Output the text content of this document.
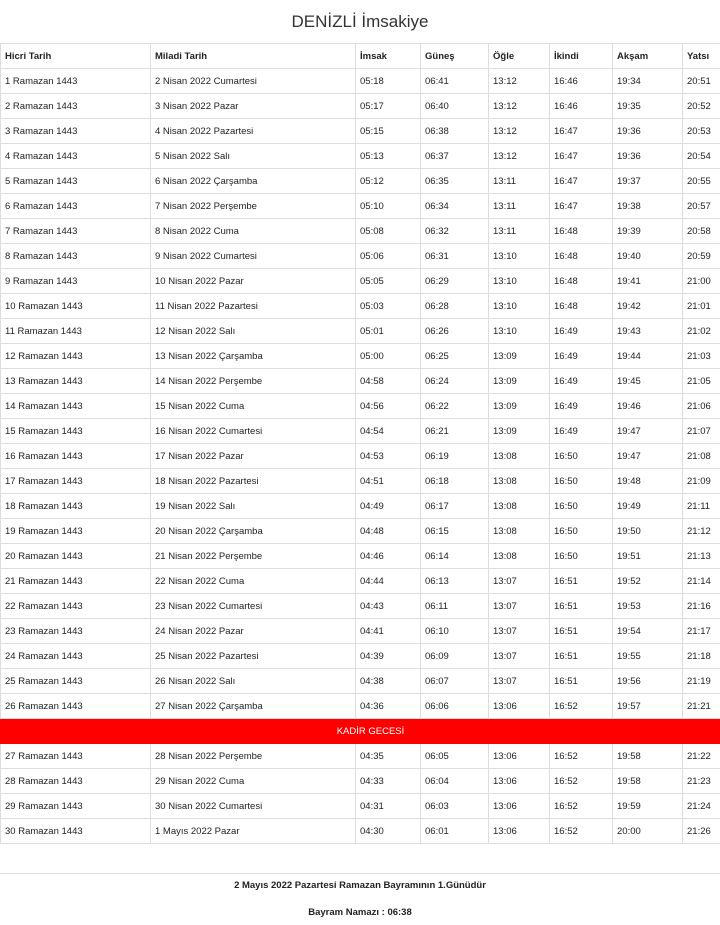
DENİZLİ İmsakiye
Hicri Tarih	Miladi Tarih	İmsak	Güneş	Öğle	İkindi	Akşam	Yatsı
1 Ramazan 1443	2 Nisan 2022 Cumartesi	05:18	06:41	13:12	16:46	19:34	20:51
2 Ramazan 1443	3 Nisan 2022 Pazar	05:17	06:40	13:12	16:46	19:35	20:52
3 Ramazan 1443	4 Nisan 2022 Pazartesi	05:15	06:38	13:12	16:47	19:36	20:53
4 Ramazan 1443	5 Nisan 2022 Salı	05:13	06:37	13:12	16:47	19:36	20:54
5 Ramazan 1443	6 Nisan 2022 Çarşamba	05:12	06:35	13:11	16:47	19:37	20:55
6 Ramazan 1443	7 Nisan 2022 Perşembe	05:10	06:34	13:11	16:47	19:38	20:57
7 Ramazan 1443	8 Nisan 2022 Cuma	05:08	06:32	13:11	16:48	19:39	20:58
8 Ramazan 1443	9 Nisan 2022 Cumartesi	05:06	06:31	13:10	16:48	19:40	20:59
9 Ramazan 1443	10 Nisan 2022 Pazar	05:05	06:29	13:10	16:48	19:41	21:00
10 Ramazan 1443	11 Nisan 2022 Pazartesi	05:03	06:28	13:10	16:48	19:42	21:01
11 Ramazan 1443	12 Nisan 2022 Salı	05:01	06:26	13:10	16:49	19:43	21:02
12 Ramazan 1443	13 Nisan 2022 Çarşamba	05:00	06:25	13:09	16:49	19:44	21:03
13 Ramazan 1443	14 Nisan 2022 Perşembe	04:58	06:24	13:09	16:49	19:45	21:05
14 Ramazan 1443	15 Nisan 2022 Cuma	04:56	06:22	13:09	16:49	19:46	21:06
15 Ramazan 1443	16 Nisan 2022 Cumartesi	04:54	06:21	13:09	16:49	19:47	21:07
16 Ramazan 1443	17 Nisan 2022 Pazar	04:53	06:19	13:08	16:50	19:47	21:08
17 Ramazan 1443	18 Nisan 2022 Pazartesi	04:51	06:18	13:08	16:50	19:48	21:09
18 Ramazan 1443	19 Nisan 2022 Salı	04:49	06:17	13:08	16:50	19:49	21:11
19 Ramazan 1443	20 Nisan 2022 Çarşamba	04:48	06:15	13:08	16:50	19:50	21:12
20 Ramazan 1443	21 Nisan 2022 Perşembe	04:46	06:14	13:08	16:50	19:51	21:13
21 Ramazan 1443	22 Nisan 2022 Cuma	04:44	06:13	13:07	16:51	19:52	21:14
22 Ramazan 1443	23 Nisan 2022 Cumartesi	04:43	06:11	13:07	16:51	19:53	21:16
23 Ramazan 1443	24 Nisan 2022 Pazar	04:41	06:10	13:07	16:51	19:54	21:17
24 Ramazan 1443	25 Nisan 2022 Pazartesi	04:39	06:09	13:07	16:51	19:55	21:18
25 Ramazan 1443	26 Nisan 2022 Salı	04:38	06:07	13:07	16:51	19:56	21:19
26 Ramazan 1443	27 Nisan 2022 Çarşamba	04:36	06:06	13:06	16:52	19:57	21:21
KADİR GECESİ							
27 Ramazan 1443	28 Nisan 2022 Perşembe	04:35	06:05	13:06	16:52	19:58	21:22
28 Ramazan 1443	29 Nisan 2022 Cuma	04:33	06:04	13:06	16:52	19:58	21:23
29 Ramazan 1443	30 Nisan 2022 Cumartesi	04:31	06:03	13:06	16:52	19:59	21:24
30 Ramazan 1443	1 Mayıs 2022 Pazar	04:30	06:01	13:06	16:52	20:00	21:26
2 Mayıs 2022 Pazartesi Ramazan Bayramının 1.Günüdür
Bayram Namazı : 06:38
